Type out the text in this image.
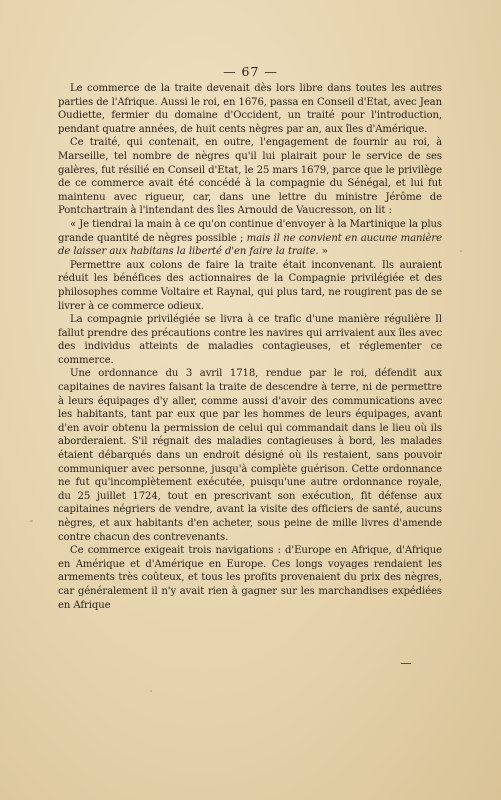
— 67 —

Le commerce de la traite devenait dès lors libre dans toutes les autres parties de l'Afrique. Aussi le roi, en 1676, passa en Conseil d'Etat, avec Jean Oudiette, fermier du domaine d'Occident, un traité pour l'introduction, pendant quatre années, de huit cents nègres par an, aux îles d'Amérique.

Ce traité, qui contenait, en outre, l'engagement de fournir au roi, à Marseille, tel nombre de nègres qu'il lui plairait pour le service de ses galères, fut résilié en Conseil d'Etat, le 25 mars 1679, parce que le privilège de ce commerce avait été concédé à la compagnie du Sénégal, et lui fut maintenu avec rigueur, car, dans une lettre du ministre Jérôme de Pontchartrain à l'intendant des îles Arnould de Vaucresson, on lit :

« Je tiendrai la main à ce qu'on continue d'envoyer à la Martinique la plus grande quantité de nègres possible ; mais il ne convient en aucune manière de laisser aux habitans la liberté d'en faire la traite. »

Permettre aux colons de faire la traite était inconvenant. Ils auraient réduit les bénéfices des actionnaires de la Compagnie privilégiée et des philosophes comme Voltaire et Raynal, qui plus tard, ne rougirent pas de se livrer à ce commerce odieux.

La compagnie privilégiée se livra à ce trafic d'une manière régulière Il fallut prendre des précautions contre les navires qui arrivaient aux îles avec des individus atteints de maladies contagieuses, et réglementer ce commerce.

Une ordonnance du 3 avril 1718, rendue par le roi, défendit aux capitaines de navires faisant la traite de descendre à terre, ni de permettre à leurs équipages d'y aller, comme aussi d'avoir des communications avec les habitants, tant par eux que par les hommes de leurs équipages, avant d'en avoir obtenu la permission de celui qui commandait dans le lieu où ils aborderaient. S'il régnait des maladies contagieuses à bord, les malades étaient débarqués dans un endroit désigné où ils restaient, sans pouvoir communiquer avec personne, jusqu'à complète guérison. Cette ordonnance ne fut qu'incomplètement exécutée, puisqu'une autre ordonnance royale, du 25 juillet 1724, tout en prescrivant son exécution, fit défense aux capitaines négriers de vendre, avant la visite des officiers de santé, aucuns nègres, et aux habitants d'en acheter, sous peine de mille livres d'amende contre chacun des contrevenants.

Ce commerce exigeait trois navigations : d'Europe en Afrique, d'Afrique en Amérique et d'Amérique en Europe. Ces longs voyages rendaient les armements très coûteux, et tous les profits provenaient du prix des nègres, car généralement il n'y avait rien à gagner sur les marchandises expédiées en Afrique
